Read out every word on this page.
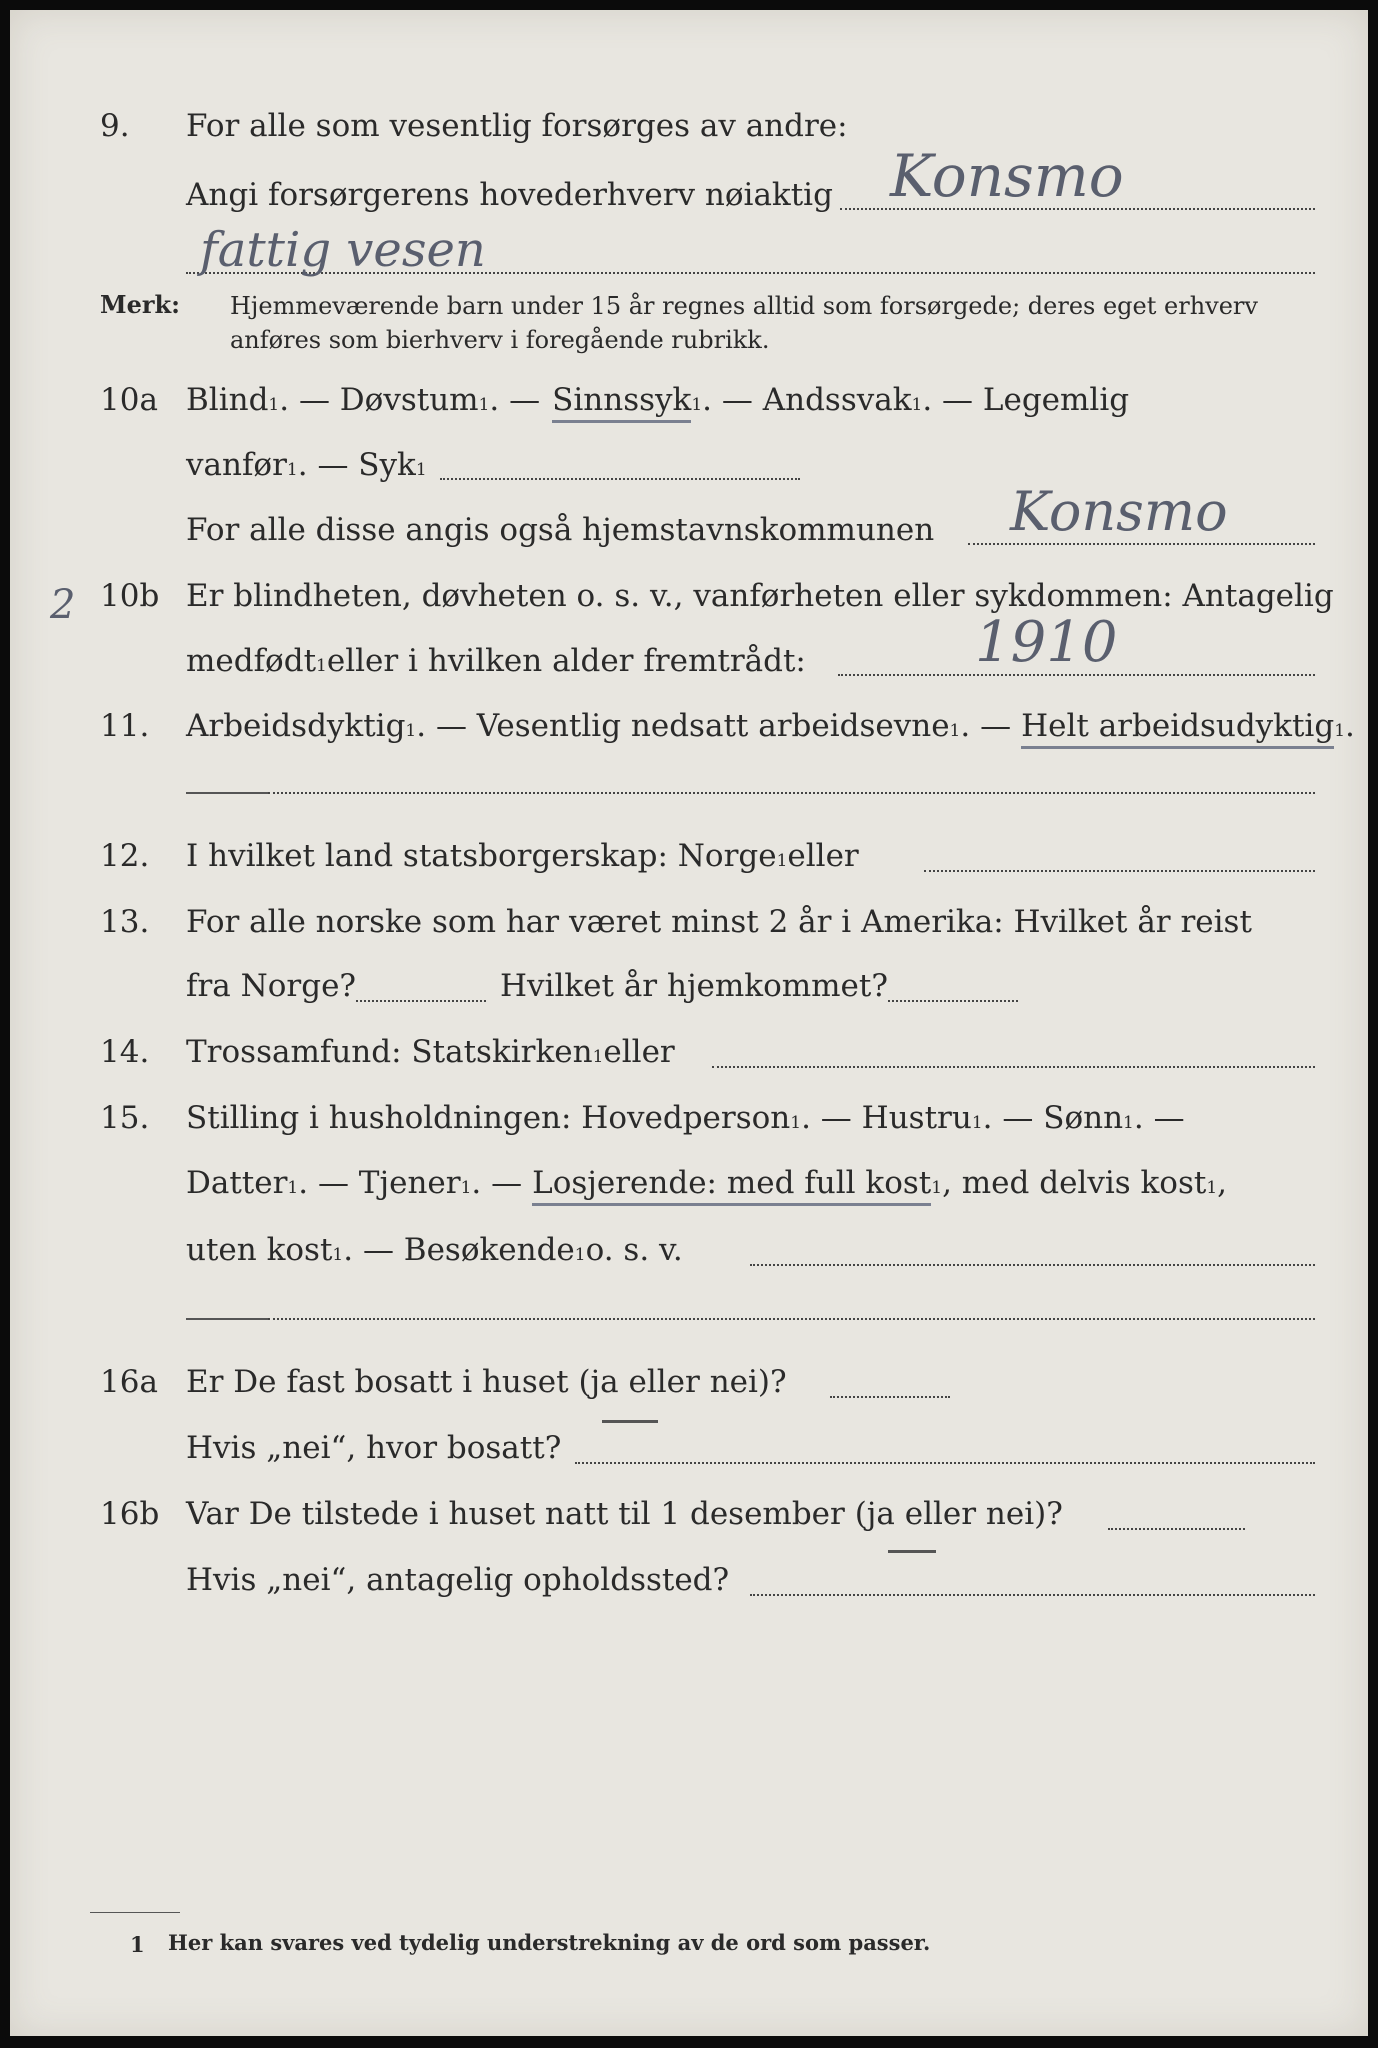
9. For alle som vesentlig forsørges av andre:
Angi forsørgerens hovederhverv nøiaktig Konsmo
fattig vesen
Merk: Hjemmeværende barn under 15 år regnes alltid som forsørgede; deres eget erhverv
anføres som bierhverv i foregående rubrikk.
10a Blind 1 . — Døvstum 1 . — Sinnssyk 1 . — Andssvak 1 . — Legemlig
vanfør 1 . — Syk 1
For alle disse angis også hjemstavnskommunen Konsmo
2 10b Er blindheten, døvheten o. s. v., vanførheten eller sykdommen: Antagelig
medfødt 1 eller i hvilken alder fremtrådt:	1910
11. Arbeidsdyktig 1 . — Vesentlig nedsatt arbeidsevne 1 . — Helt arbeidsudyktig 1 .
12. I hvilket land statsborgerskap: Norge 1 eller
13. For alle norske som har været minst 2 år i Amerika: Hvilket år reist
fra Norge?	Hvilket år hjemkommet?
14. Trossamfund: Statskirken 1 eller
15. Stilling i husholdningen: Hovedperson 1 . — Hustru 1 . — Sønn 1 . —
Datter 1 . — Tjener 1 . — Losjerende: med full kost 1 , med delvis kost 1 ,
uten kost 1 . — Besøkende 1 o. s. v.
16a Er De fast bosatt i huset (ja eller nei)?
Hvis „nei“, hvor bosatt?
16b Var De tilstede i huset natt til 1 desember (ja eller nei)?
Hvis „nei“, antagelig opholdssted?
1 Her kan svares ved tydelig understrekning av de ord som passer.
